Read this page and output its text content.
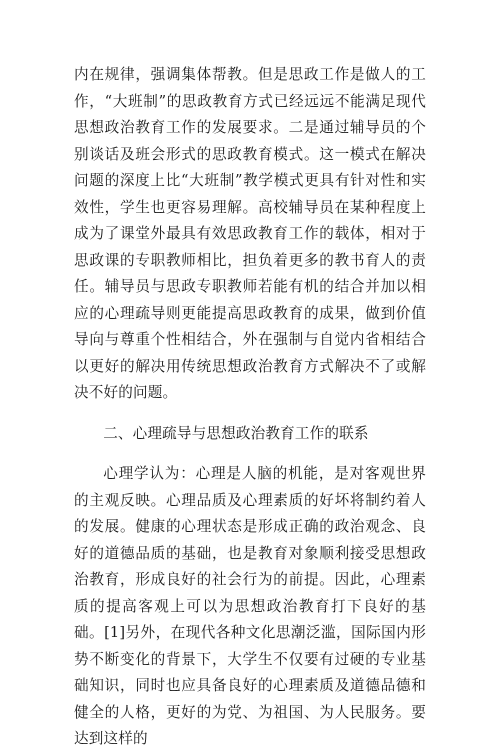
内在规律，强调集体帮教。但是思政工作是做人的工作，“大班制”的思政教育方式已经远远不能满足现代思想政治教育工作的发展要求。二是通过辅导员的个别谈话及班会形式的思政教育模式。这一模式在解决问题的深度上比“大班制”教学模式更具有针对性和实效性，学生也更容易理解。高校辅导员在某种程度上成为了课堂外最具有效思政教育工作的载体，相对于思政课的专职教师相比，担负着更多的教书育人的责任。辅导员与思政专职教师若能有机的结合并加以相应的心理疏导则更能提高思政教育的成果，做到价值导向与尊重个性相结合，外在强制与自觉内省相结合以更好的解决用传统思想政治教育方式解决不了或解决不好的问题。

二、心理疏导与思想政治教育工作的联系

心理学认为：心理是人脑的机能，是对客观世界的主观反映。心理品质及心理素质的好坏将制约着人的发展。健康的心理状态是形成正确的政治观念、良好的道德品质的基础，也是教育对象顺利接受思想政治教育，形成良好的社会行为的前提。因此，心理素质的提高客观上可以为思想政治教育打下良好的基础。[1]另外，在现代各种文化思潮泛滥，国际国内形势不断变化的背景下，大学生不仅要有过硬的专业基础知识，同时也应具备良好的心理素质及道德品德和健全的人格，更好的为党、为祖国、为人民服务。要达到这样的
